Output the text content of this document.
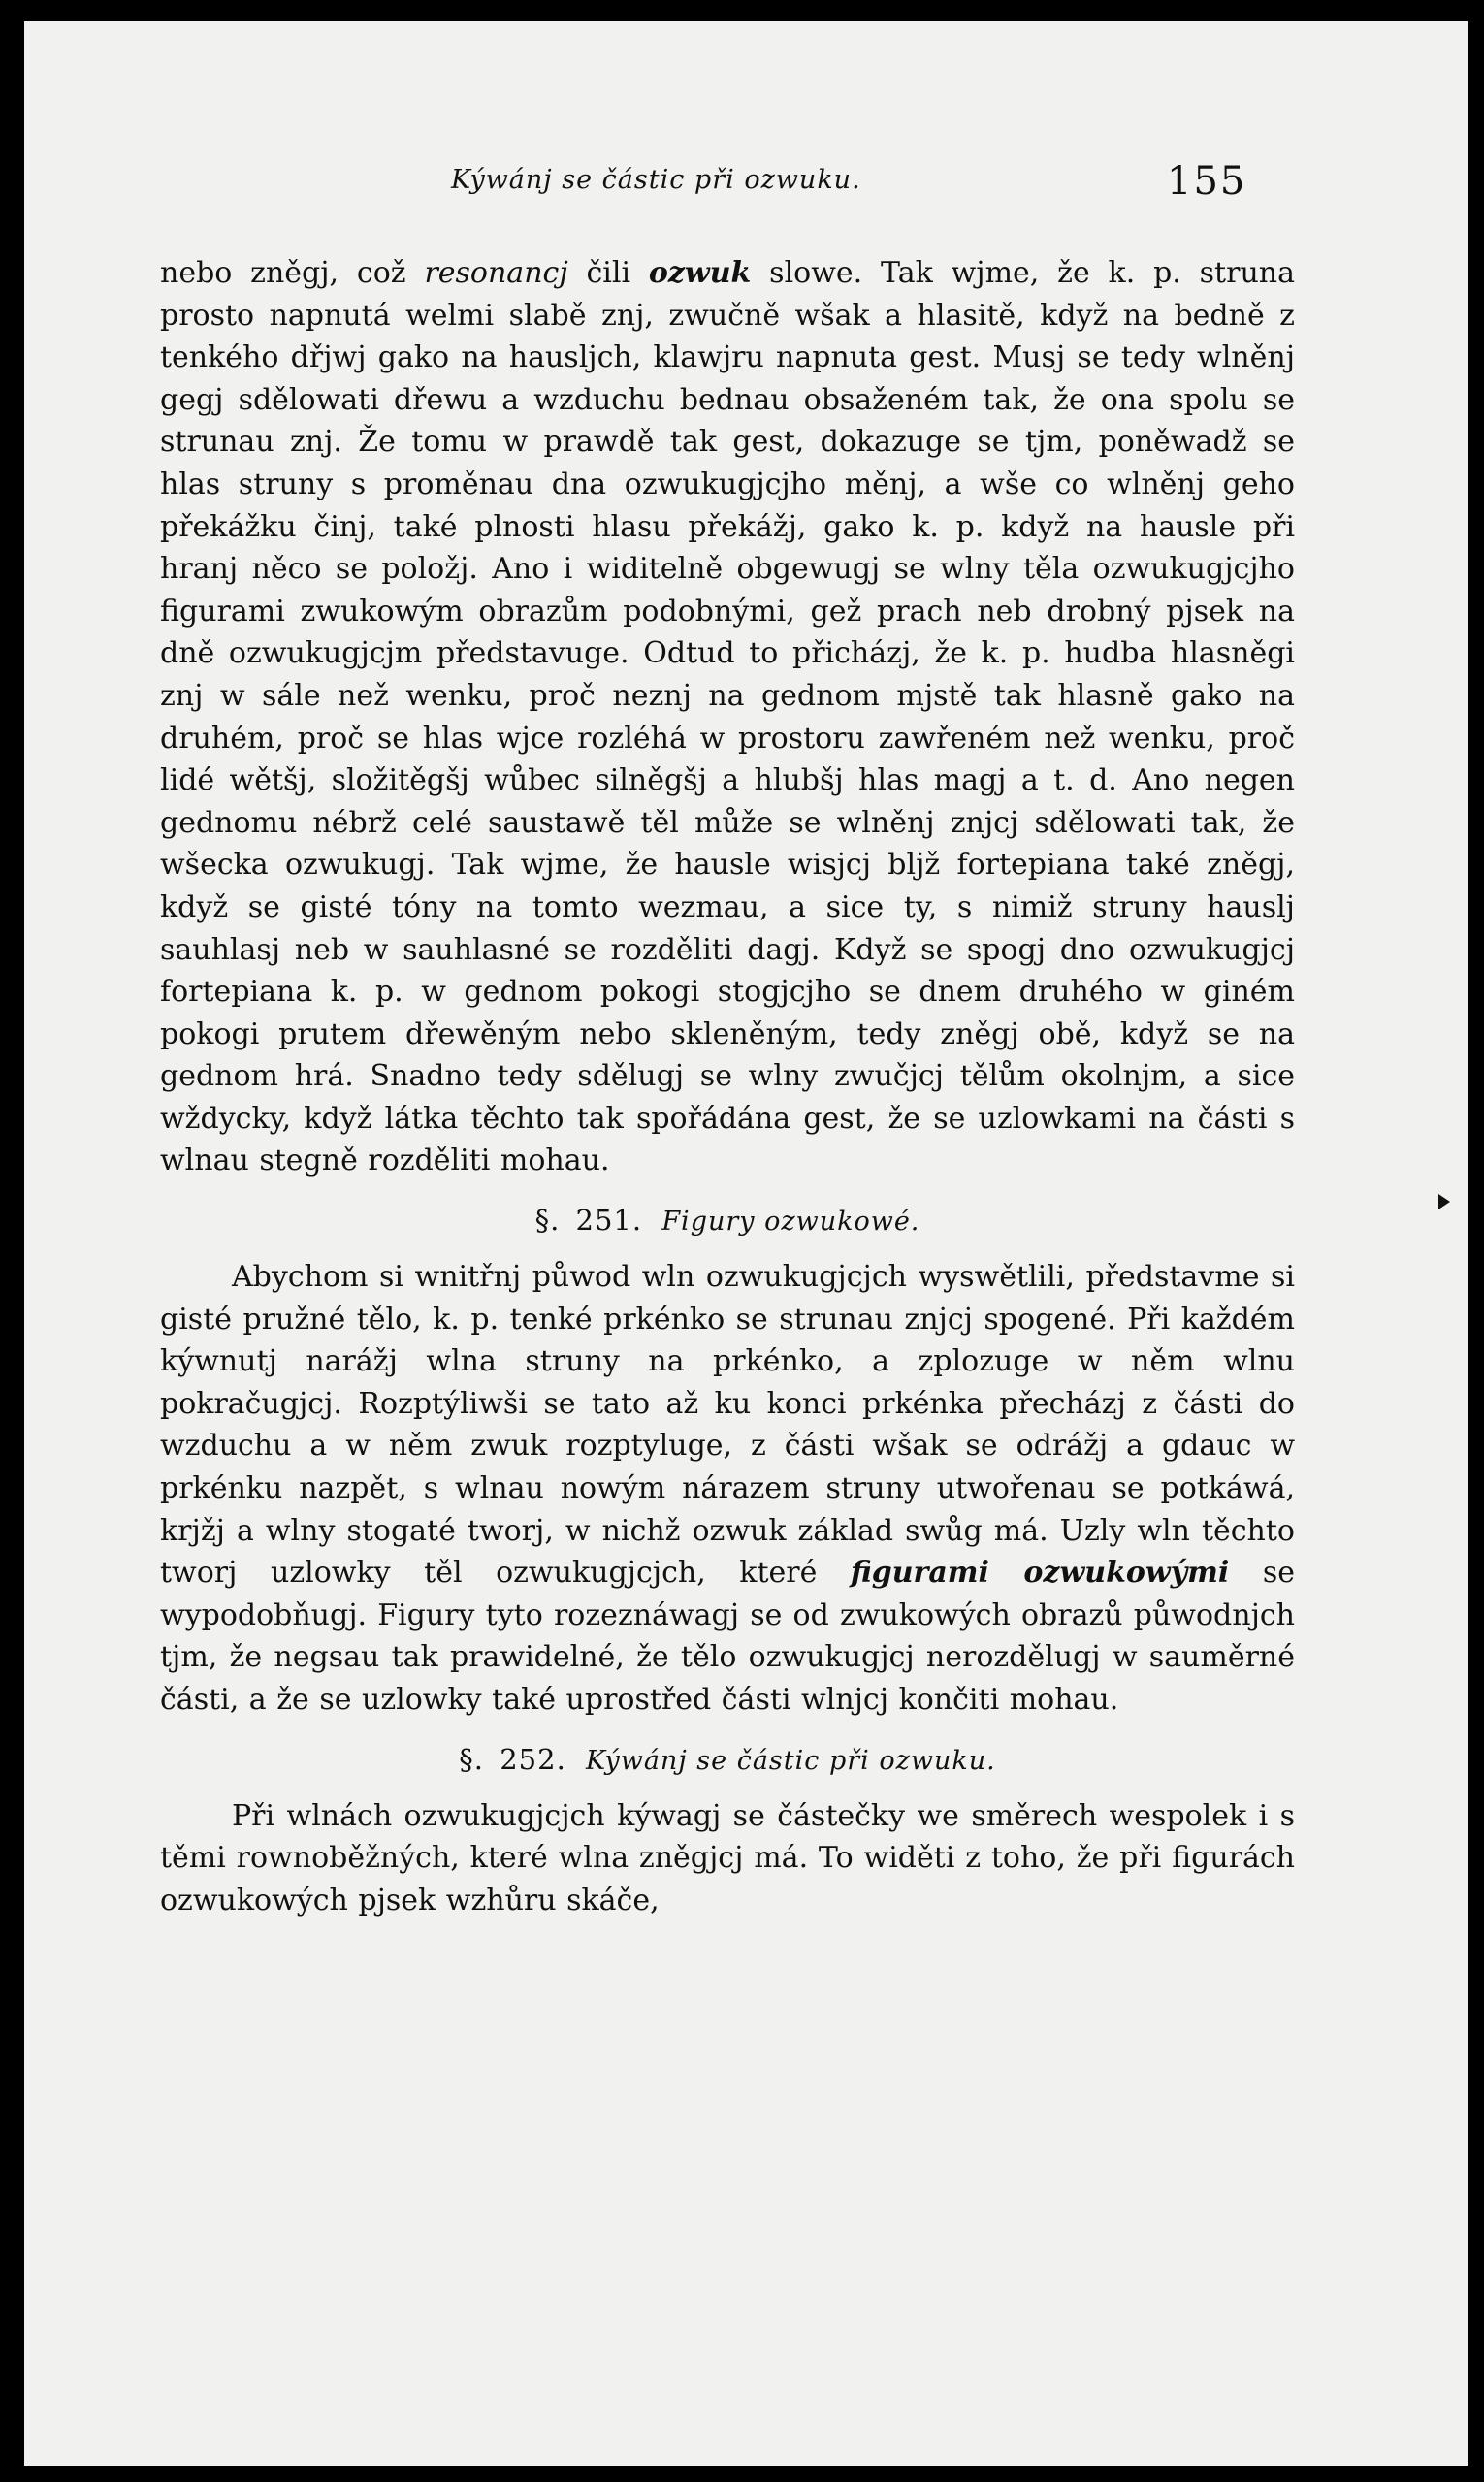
Kýwánj se částic při ozwuku.	155

nebo zněgj, což resonancj čili ozwuk slowe. Tak wjme, že k. p. struna prosto napnutá welmi slabě znj, zwučně wšak a hlasitě, když na bedně z tenkého dřjwj gako na hausljch, klawjru napnuta gest. Musj se tedy wlněnj gegj sdělowati dřewu a wzduchu bednau obsaženém tak, že ona spolu se strunau znj. Že tomu w prawdě tak gest, dokazuge se tjm, poněwadž se hlas struny s proměnau dna ozwukugjcjho měnj, a wše co wlněnj geho překážku činj, také plnosti hlasu překážj, gako k. p. když na hausle při hranj něco se položj. Ano i widitelně obgewugj se wlny těla ozwukugjcjho figurami zwukowým obrazům podobnými, gež prach neb drobný pjsek na dně ozwukugjcjm představuge. Odtud to přicházj, že k. p. hudba hlasněgi znj w sále než wenku, proč neznj na gednom mjstě tak hlasně gako na druhém, proč se hlas wjce rozléhá w prostoru zawřeném než wenku, proč lidé wětšj, složitěgšj wůbec silněgšj a hlubšj hlas magj a t. d. Ano negen gednomu nébrž celé saustawě těl může se wlněnj znjcj sdělowati tak, že wšecka ozwukugj. Tak wjme, že hausle wisjcj bljž fortepiana také zněgj, když se gisté tóny na tomto wezmau, a sice ty, s nimiž struny hauslj sauhlasj neb w sauhlasné se rozděliti dagj. Když se spogj dno ozwukugjcj fortepiana k. p. w gednom pokogi stogjcjho se dnem druhého w giném pokogi prutem dřewěným nebo skleněným, tedy zněgj obě, když se na gednom hrá. Snadno tedy sdělugj se wlny zwučjcj tělům okolnjm, a sice wždycky, když látka těchto tak spořádána gest, že se uzlowkami na části s wlnau stegně rozděliti mohau.

§. 251. Figury ozwukowé.

Abychom si wnitřnj půwod wln ozwukugjcjch wyswětlili, představme si gisté pružné tělo, k. p. tenké prkénko se strunau znjcj spogené. Při každém kýwnutj narážj wlna struny na prkénko, a zplozuge w něm wlnu pokračugjcj. Rozptýliwši se tato až ku konci prkénka přecházj z části do wzduchu a w něm zwuk rozptyluge, z části wšak se odrážj a gdauc w prkénku nazpět, s wlnau nowým nárazem struny utwořenau se potkáwá, krjžj a wlny stogaté tworj, w nichž ozwuk základ swůg má. Uzly wln těchto tworj uzlowky těl ozwukugjcjch, které figurami ozwukowými se wypodobňugj. Figury tyto rozeznáwagj se od zwukowých obrazů půwodnjch tjm, že negsau tak prawidelné, že tělo ozwukugjcj nerozdělugj w sauměrné části, a že se uzlowky také uprostřed části wlnjcj končiti mohau.

§. 252. Kýwánj se částic při ozwuku.

Při wlnách ozwukugjcjch kýwagj se částečky we směrech wespolek i s těmi rownoběžných, které wlna zněgjcj má. To widěti z toho, že při figurách ozwukowých pjsek wzhůru skáče,
